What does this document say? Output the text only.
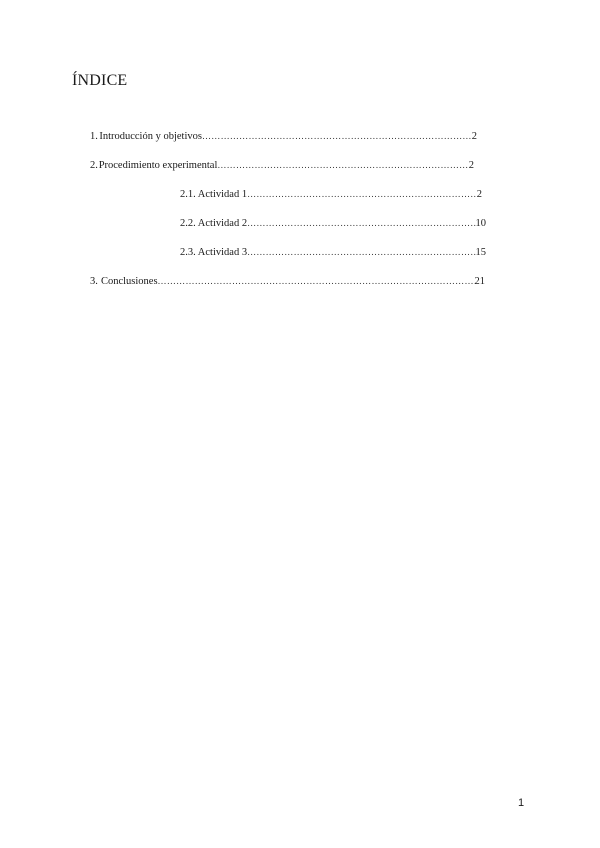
ÍNDICE
1. Introducción y objetivos ……………………………………………………………………………………………………………………………………………………	2
2. Procedimiento experimental ……………………………………………………………………………………………………………………………………………………	2
2.1. Actividad 1 ……………………………………………………………………………………………………………………………………………………	2
2.2. Actividad 2 ……………………………………………………………………………………………………………………………………………………	10
2.3. Actividad 3 ……………………………………………………………………………………………………………………………………………………	15
3. Conclusiones ……………………………………………………………………………………………………………………………………………………	21
1
